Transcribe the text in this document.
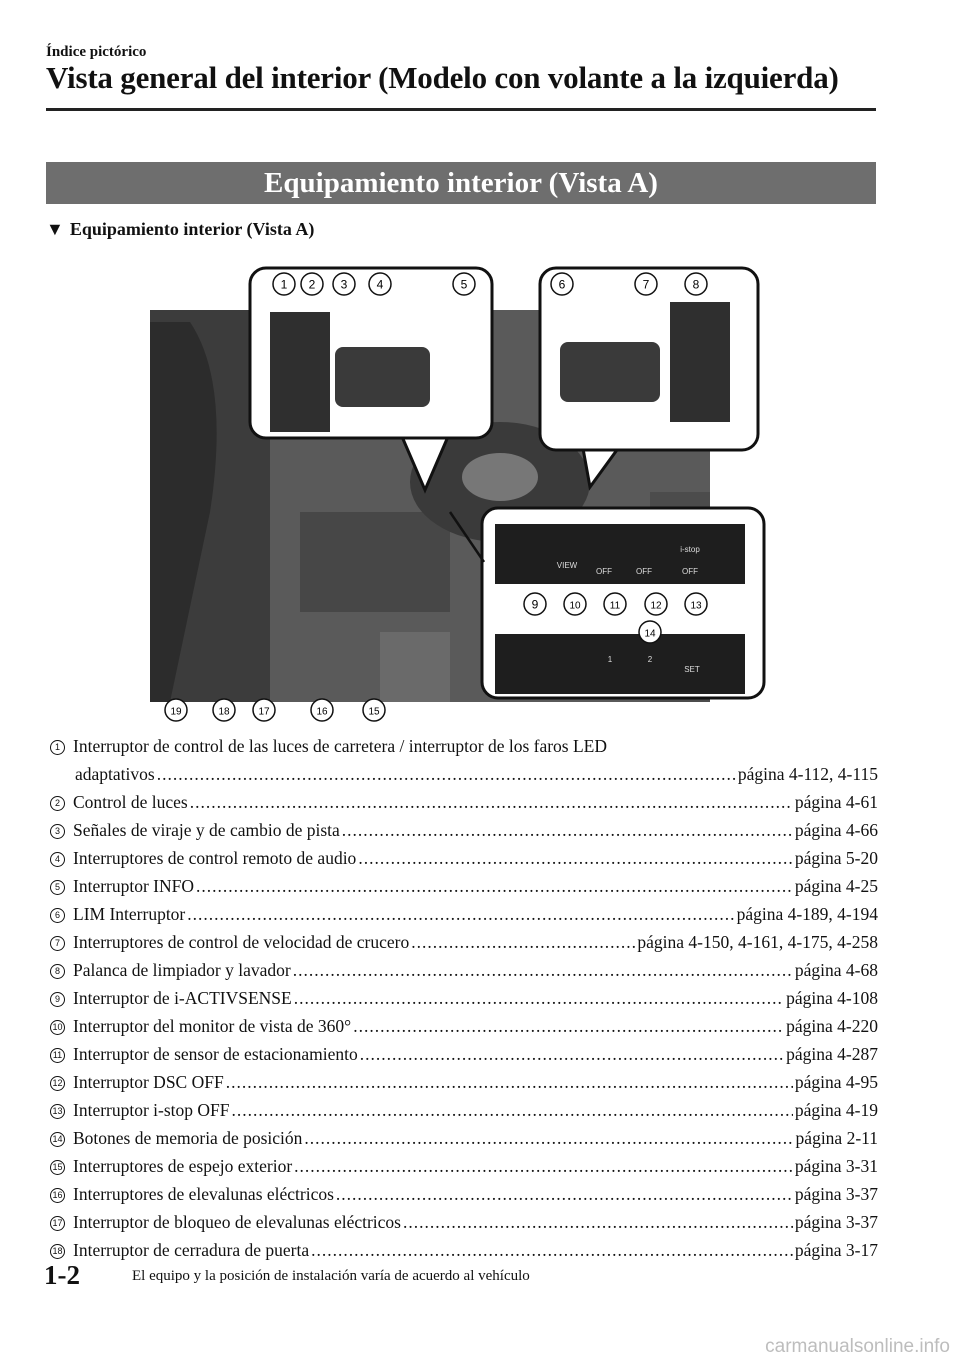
Índice pictórico
Vista general del interior (Modelo con volante a la izquierda)
Equipamiento interior (Vista A)
▼ Equipamiento interior (Vista A)
1 2 3 4	5	6	7	8
9	10	11	12	13
14
19	18	17	16	15
VIEW
OFF	OFF
i-stop
OFF
1	2
SET
1 Interruptor de control de las luces de carretera / interruptor de los faros LED
adaptativos .....	página 4-112, 4-115
2 Control de luces .....	página 4-61
3 Señales de viraje y de cambio de pista .....	página 4-66
4 Interruptores de control remoto de audio .....	página 5-20
5 Interruptor INFO .....	página 4-25
6 LIM Interruptor .....	página 4-189, 4-194
7 Interruptores de control de velocidad de crucero .....	página 4-150, 4-161, 4-175, 4-258
8 Palanca de limpiador y lavador .....	página 4-68
9 Interruptor de i-ACTIVSENSE .....	página 4-108
10 Interruptor del monitor de vista de 360° .....	página 4-220
11 Interruptor de sensor de estacionamiento .....	página 4-287
12 Interruptor DSC OFF .....	página 4-95
13 Interruptor i-stop OFF .....	página 4-19
14 Botones de memoria de posición .....	página 2-11
15 Interruptores de espejo exterior .....	página 3-31
16 Interruptores de elevalunas eléctricos .....	página 3-37
17 Interruptor de bloqueo de elevalunas eléctricos .....	página 3-37
18 Interruptor de cerradura de puerta .....	página 3-17
1-2	El equipo y la posición de instalación varía de acuerdo al vehículo
carmanualsonline.info
